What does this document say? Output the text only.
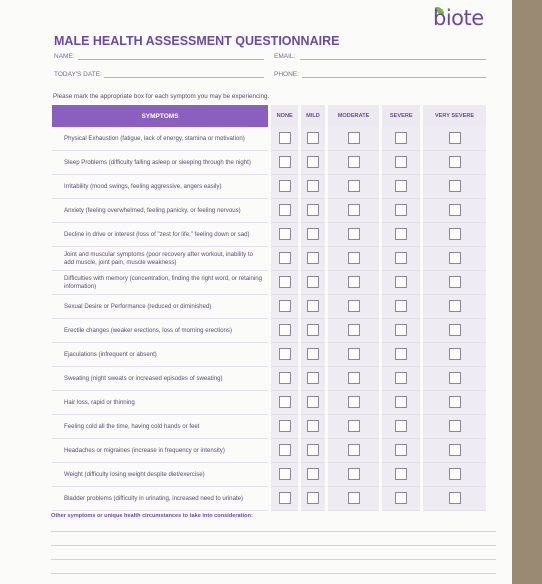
biote
MALE HEALTH ASSESSMENT QUESTIONNAIRE
NAME:	EMAIL:
TODAY'S DATE:	PHONE:
Please mark the appropriate box for each symptom you may be experiencing.
SYMPTOMS	NONE	MILD	MODERATE	SEVERE	VERY SEVERE
Physical Exhaustion (fatigue, lack of energy, stamina or motivation)					
Sleep Problems (difficulty falling asleep or sleeping through the night)					
Irritability (mood swings, feeling aggressive, angers easily)					
Anxiety (feeling overwhelmed, feeling panicky, or feeling nervous)					
Decline in drive or interest (loss of "zest for life," feeling down or sad)					
Joint and muscular symptoms (poor recovery after workout, inability to add muscle, joint pain, muscle weakness)					
Difficulties with memory (concentration, finding the right word, or retaining information)					
Sexual Desire or Performance (reduced or diminished)					
Erectile changes (weaker erections, loss of morning erections)					
Ejaculations (infrequent or absent)					
Sweating (night sweats or increased episodes of sweating)					
Hair loss, rapid or thinning					
Feeling cold all the time, having cold hands or feet					
Headaches or migraines (increase in frequency or intensity)					
Weight (difficulty losing weight despite diet/exercise)					
Bladder problems (difficulty in urinating, increased need to urinate)					
Other symptoms or unique health circumstances to take into consideration:
